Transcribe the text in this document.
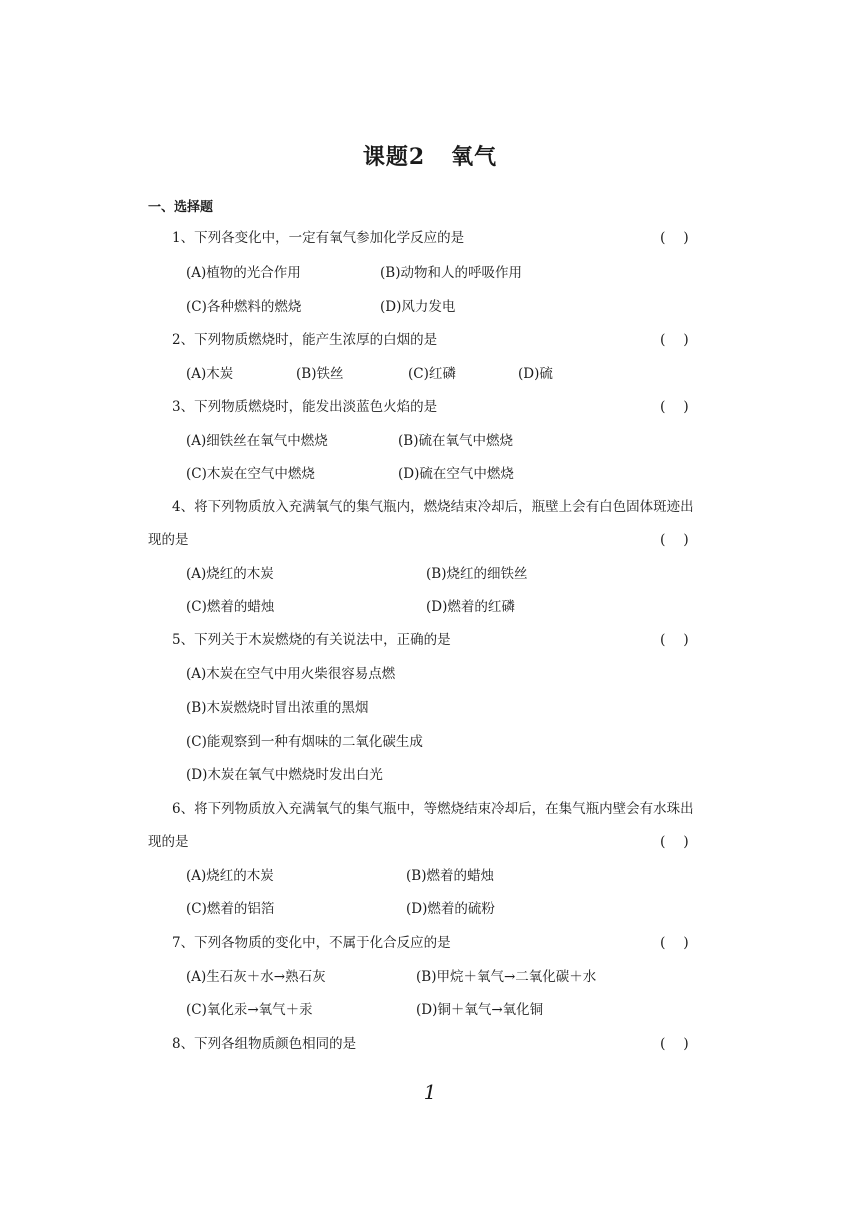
课题2 氧气
一、选择题
1、下列各变化中，一定有氧气参加化学反应的是	(    )
(A)植物的光合作用	(B)动物和人的呼吸作用
(C)各种燃料的燃烧	(D)风力发电
2、下列物质燃烧时，能产生浓厚的白烟的是	(    )
(A)木炭	(B)铁丝	(C)红磷	(D)硫
3、下列物质燃烧时，能发出淡蓝色火焰的是	(    )
(A)细铁丝在氧气中燃烧	(B)硫在氧气中燃烧
(C)木炭在空气中燃烧	(D)硫在空气中燃烧
4、将下列物质放入充满氧气的集气瓶内，燃烧结束冷却后，瓶壁上会有白色固体斑迹出
现的是	(    )
(A)烧红的木炭	(B)烧红的细铁丝
(C)燃着的蜡烛	(D)燃着的红磷
5、下列关于木炭燃烧的有关说法中，正确的是	(    )
(A)木炭在空气中用火柴很容易点燃
(B)木炭燃烧时冒出浓重的黑烟
(C)能观察到一种有烟味的二氧化碳生成
(D)木炭在氧气中燃烧时发出白光
6、将下列物质放入充满氧气的集气瓶中，等燃烧结束冷却后，在集气瓶内壁会有水珠出
现的是	(    )
(A)烧红的木炭	(B)燃着的蜡烛
(C)燃着的铝箔	(D)燃着的硫粉
7、下列各物质的变化中，不属于化合反应的是	(    )
(A)生石灰＋水→熟石灰	(B)甲烷＋氧气→二氧化碳＋水
(C)氧化汞→氧气＋汞	(D)铜＋氧气→氧化铜
8、下列各组物质颜色相同的是	(    )
1
